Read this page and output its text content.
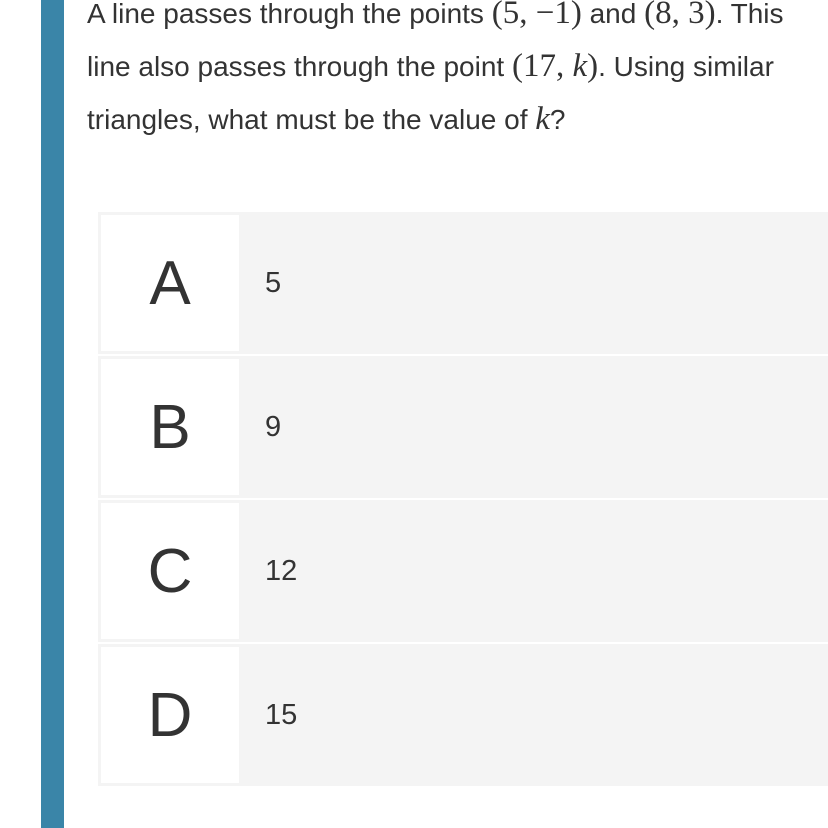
A line passes through the points (5, −1) and (8, 3). This line also passes through the point (17, k). Using similar triangles, what must be the value of k?
A	5
B	9
C	12
D	15
